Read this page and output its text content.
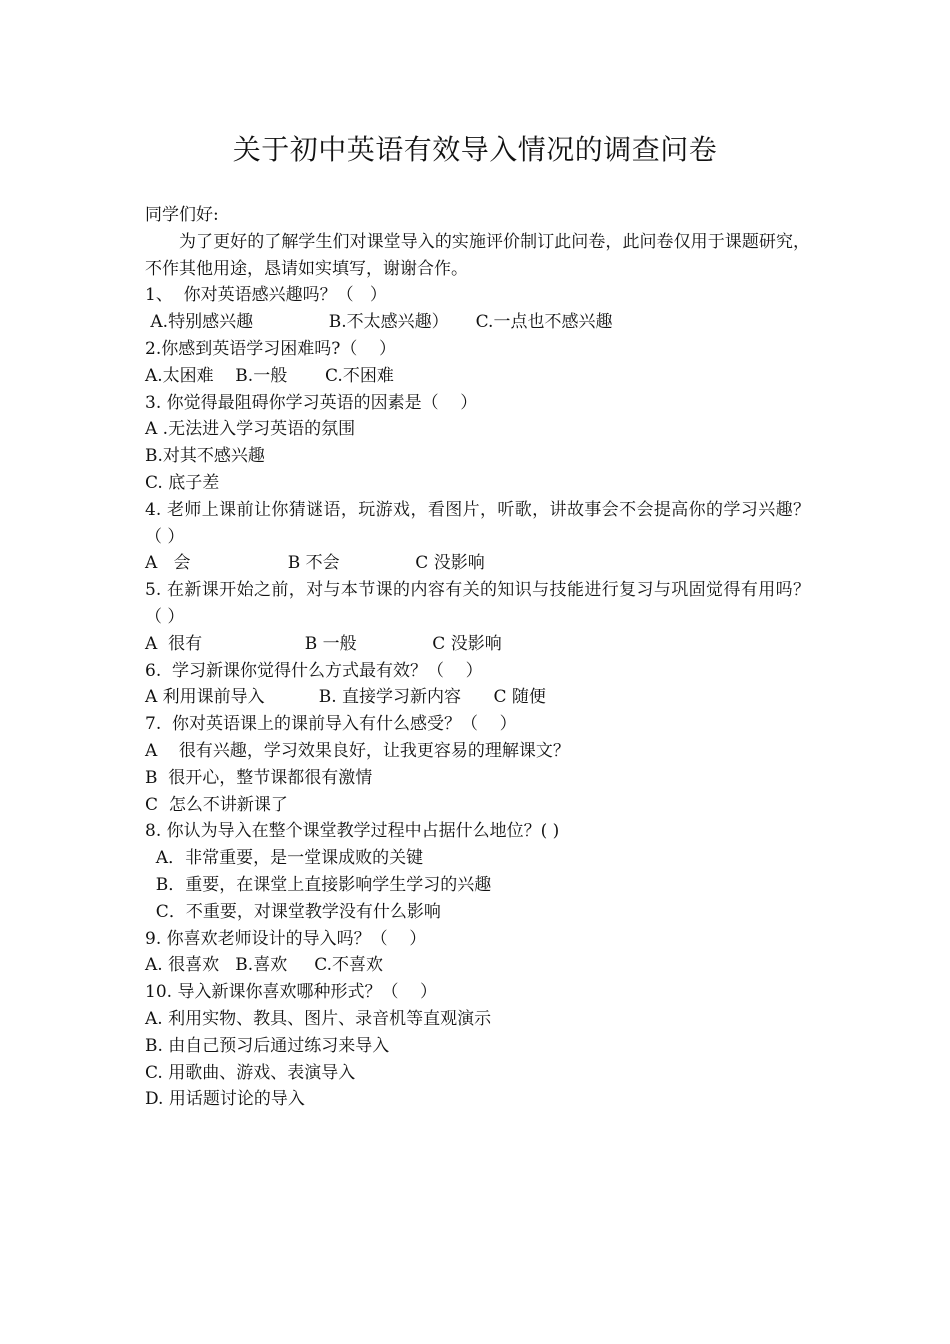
关于初中英语有效导入情况的调查问卷
同学们好:
为了更好的了解学生们对课堂导入的实施评价制订此问卷，此问卷仅用于课题研究，不作其他用途，恳请如实填写，谢谢合作。
1、  你对英语感兴趣吗？（   ）
A.特别感兴趣              B.不太感兴趣）     C.一点也不感兴趣
2.你感到英语学习困难吗?（    ）
A.太困难    B.一般       C.不困难
3. 你觉得最阻碍你学习英语的因素是（    ）
A .无法进入学习英语的氛围
B.对其不感兴趣
C. 底子差
4. 老师上课前让你猜谜语，玩游戏，看图片，听歌，讲故事会不会提高你的学习兴趣？（ ）
A   会                  B 不会              C 没影响
5. 在新课开始之前，对与本节课的内容有关的知识与技能进行复习与巩固觉得有用吗？（ ）
A  很有                   B 一般              C 没影响
6.  学习新课你觉得什么方式最有效？（    ）
A 利用课前导入          B. 直接学习新内容      C 随便
7.  你对英语课上的课前导入有什么感受？（    ）
A    很有兴趣，学习效果良好，让我更容易的理解课文？
B  很开心，整节课都很有激情
C  怎么不讲新课了
8. 你认为导入在整个课堂教学过程中占据什么地位？( )
A．非常重要，是一堂课成败的关键
B．重要，在课堂上直接影响学生学习的兴趣
C．不重要，对课堂教学没有什么影响
9. 你喜欢老师设计的导入吗？（    ）
A. 很喜欢   B.喜欢     C.不喜欢
10. 导入新课你喜欢哪种形式？（    ）
A. 利用实物、教具、图片、录音机等直观演示
B. 由自己预习后通过练习来导入
C. 用歌曲、游戏、表演导入
D. 用话题讨论的导入
